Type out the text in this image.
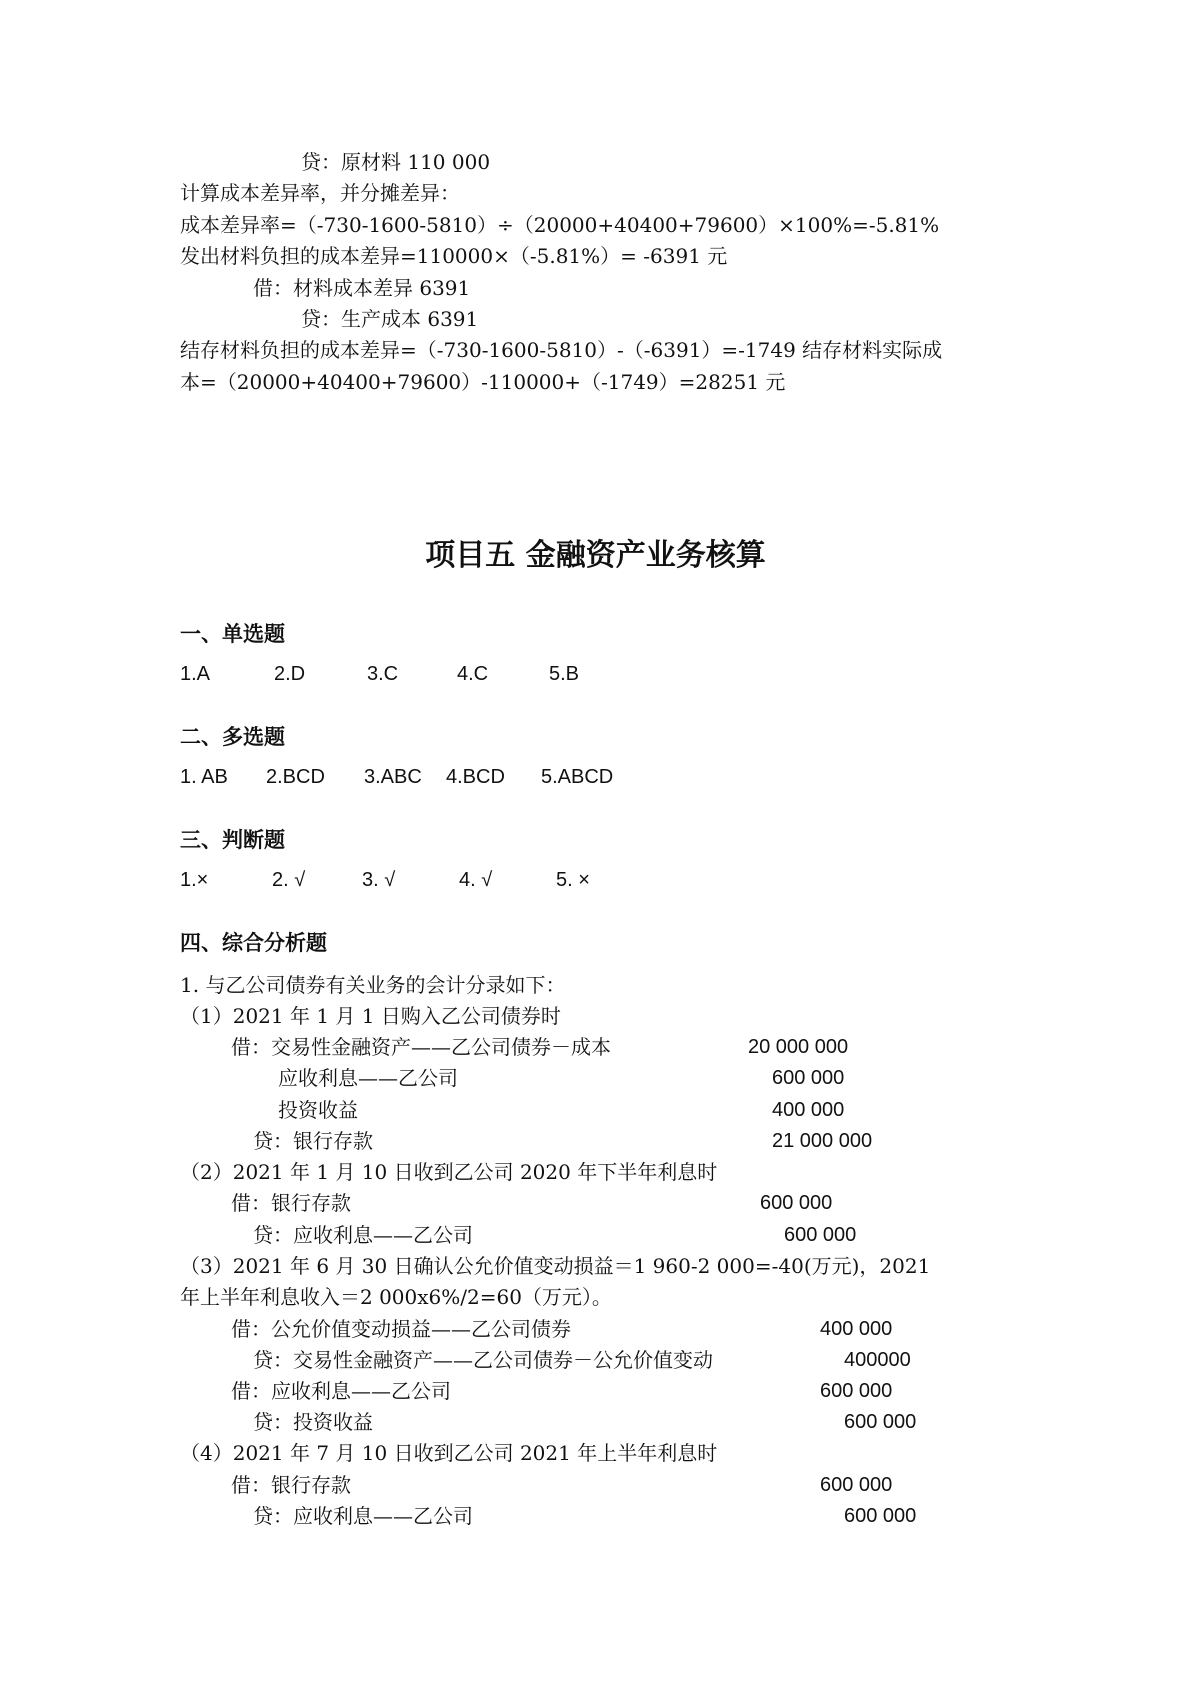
贷：原材料 110 000
计算成本差异率，并分摊差异：
成本差异率=（-730-1600-5810）÷（20000+40400+79600）×100%=-5.81%
发出材料负担的成本差异=110000×（-5.81%）= -6391 元
借：材料成本差异 6391
贷：生产成本 6391
结存材料负担的成本差异=（-730-1600-5810）-（-6391）=-1749 结存材料实际成
本=（20000+40400+79600）-110000+（-1749）=28251 元
项目五 金融资产业务核算
一、单选题
1.A	2.D	3.C	4.C	5.B
二、多选题
1. AB 2.BCD 3.ABC 4.BCD 5.ABCD
三、判断题
1.×	2. √	3. √	4. √	5. ×
四、综合分析题
1. 与乙公司债券有关业务的会计分录如下：
（1）2021 年 1 月 1 日购入乙公司债券时
借：交易性金融资产——乙公司债券－成本	20 000 000
应收利息——乙公司	600 000
投资收益	400 000
贷：银行存款	21 000 000
（2）2021 年 1 月 10 日收到乙公司 2020 年下半年利息时
借：银行存款	600 000
贷：应收利息——乙公司	600 000
（3）2021 年 6 月 30 日确认公允价值变动损益＝1 960-2 000=-40(万元)，2021
年上半年利息收入＝2 000x6%/2=60（万元）。
借：公允价值变动损益——乙公司债券	400 000
贷：交易性金融资产——乙公司债券－公允价值变动	400000
借：应收利息——乙公司	600 000
贷：投资收益	600 000
（4）2021 年 7 月 10 日收到乙公司 2021 年上半年利息时
借：银行存款	600 000
贷：应收利息——乙公司	600 000
